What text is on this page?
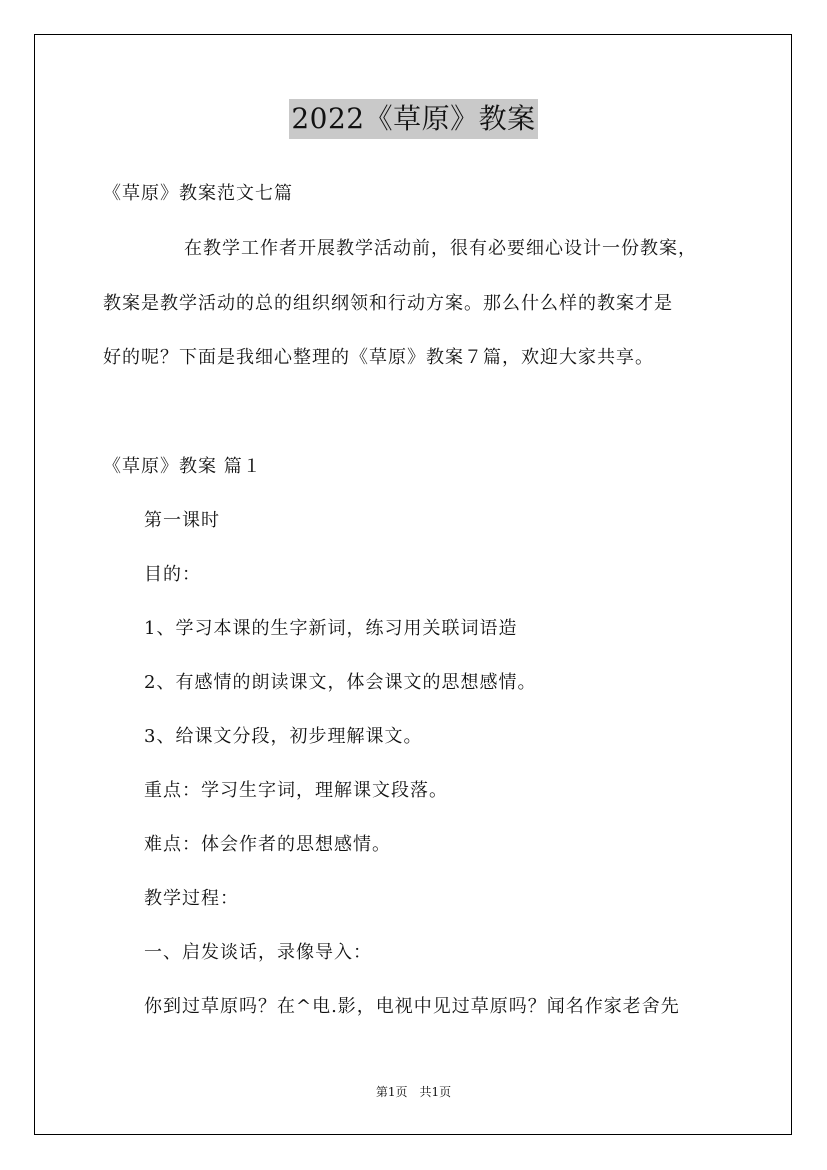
2022《草原》教案
《草原》教案范文七篇
在教学工作者开展教学活动前，很有必要细心设计一份教案，
教案是教学活动的总的组织纲领和行动方案。那么什么样的教案才是
好的呢？下面是我细心整理的《草原》教案７篇，欢迎大家共享。
《草原》教案 篇１
第一课时
目的：
1、学习本课的生字新词，练习用关联词语造
2、有感情的朗读课文，体会课文的思想感情。
3、给课文分段，初步理解课文。
重点：学习生字词，理解课文段落。
难点：体会作者的思想感情。
教学过程：
一、启发谈话，录像导入：
你到过草原吗？在^电.影，电视中见过草原吗？闻名作家老舍先
第1页　共1页
